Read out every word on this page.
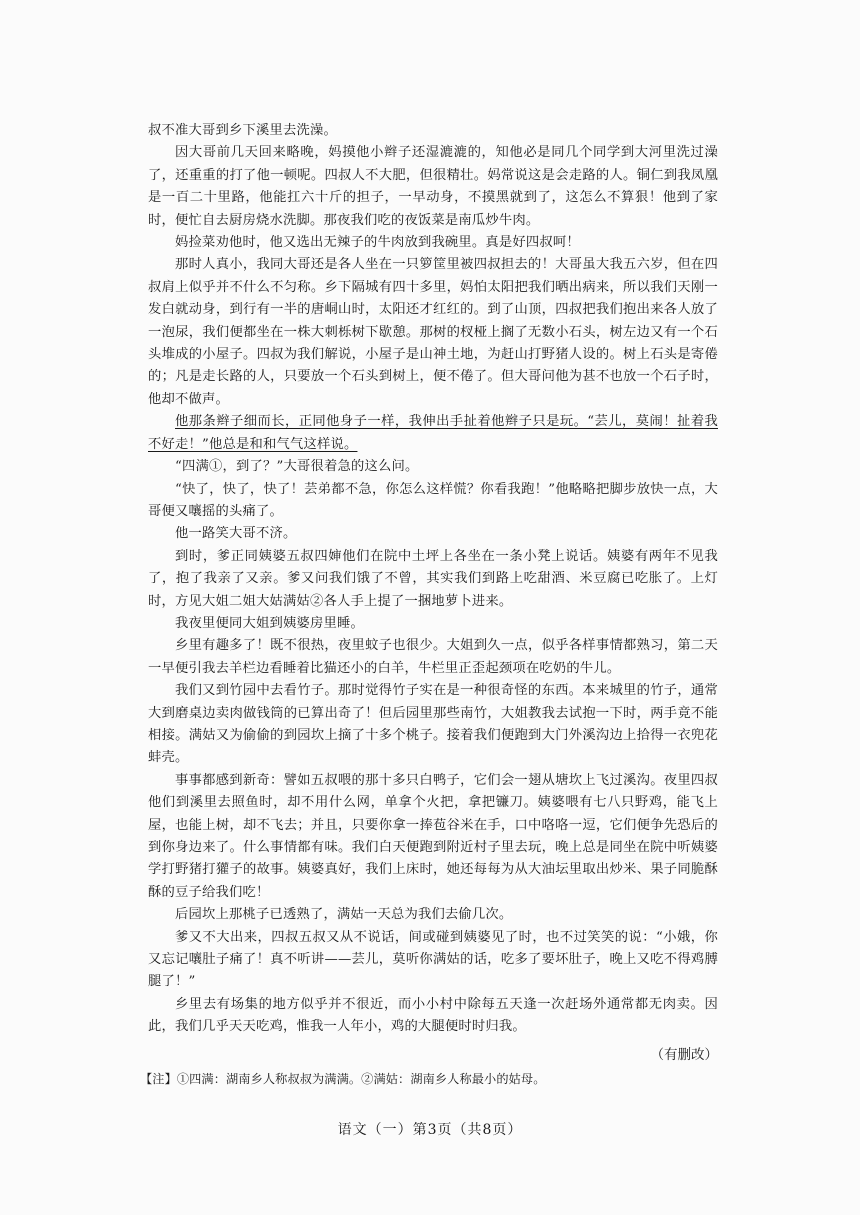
叔不准大哥到乡下溪里去洗澡。

因大哥前几天回来略晚，妈摸他小辫子还湿漉漉的，知他必是同几个同学到大河里洗过澡了，还重重的打了他一顿呢。四叔人不大肥，但很精壮。妈常说这是会走路的人。铜仁到我凤凰是一百二十里路，他能扛六十斤的担子，一早动身，不摸黑就到了，这怎么不算狠！他到了家时，便忙自去厨房烧水洗脚。那夜我们吃的夜饭菜是南瓜炒牛肉。

妈捡菜劝他时，他又选出无辣子的牛肉放到我碗里。真是好四叔呵！

那时人真小，我同大哥还是各人坐在一只箩筐里被四叔担去的！大哥虽大我五六岁，但在四叔肩上似乎并不什么不匀称。乡下隔城有四十多里，妈怕太阳把我们晒出病来，所以我们天刚一发白就动身，到行有一半的唐峒山时，太阳还才红红的。到了山顶，四叔把我们抱出来各人放了一泡尿，我们便都坐在一株大刺栎树下歇憩。那树的杈桠上搁了无数小石头，树左边又有一个石头堆成的小屋子。四叔为我们解说，小屋子是山神土地，为赶山打野猪人设的。树上石头是寄倦的；凡是走长路的人，只要放一个石头到树上，便不倦了。但大哥问他为甚不也放一个石子时，他却不做声。

他那条辫子细而长，正同他身子一样，我伸出手扯着他辫子只是玩。“芸儿，莫闹！扯着我不好走！”他总是和和气气这样说。

“四满①，到了？”大哥很着急的这么问。

“快了，快了，快了！芸弟都不急，你怎么这样慌？你看我跑！”他略略把脚步放快一点，大哥便又嚷摇的头痛了。

他一路笑大哥不济。

到时，爹正同姨婆五叔四婶他们在院中土坪上各坐在一条小凳上说话。姨婆有两年不见我了，抱了我亲了又亲。爹又问我们饿了不曾，其实我们到路上吃甜酒、米豆腐已吃胀了。上灯时，方见大姐二姐大姑满姑②各人手上提了一捆地萝卜进来。

我夜里便同大姐到姨婆房里睡。

乡里有趣多了！既不很热，夜里蚊子也很少。大姐到久一点，似乎各样事情都熟习，第二天一早便引我去羊栏边看睡着比猫还小的白羊，牛栏里正歪起颈项在吃奶的牛儿。

我们又到竹园中去看竹子。那时觉得竹子实在是一种很奇怪的东西。本来城里的竹子，通常大到磨桌边卖肉做钱筒的已算出奇了！但后园里那些南竹，大姐教我去试抱一下时，两手竟不能相接。满姑又为偷偷的到园坎上摘了十多个桃子。接着我们便跑到大门外溪沟边上拾得一衣兜花蚌壳。

事事都感到新奇：譬如五叔喂的那十多只白鸭子，它们会一翅从塘坎上飞过溪沟。夜里四叔他们到溪里去照鱼时，却不用什么网，单拿个火把，拿把镰刀。姨婆喂有七八只野鸡，能飞上屋，也能上树，却不飞去；并且，只要你拿一捧苞谷米在手，口中咯咯一逗，它们便争先恐后的到你身边来了。什么事情都有味。我们白天便跑到附近村子里去玩，晚上总是同坐在院中听姨婆学打野猪打獾子的故事。姨婆真好，我们上床时，她还每每为从大油坛里取出炒米、果子同脆酥酥的豆子给我们吃！

后园坎上那桃子已透熟了，满姑一天总为我们去偷几次。

爹又不大出来，四叔五叔又从不说话，间或碰到姨婆见了时，也不过笑笑的说：“小娥，你又忘记嚷肚子痛了！真不听讲——芸儿，莫听你满姑的话，吃多了要坏肚子，晚上又吃不得鸡膊腿了！”

乡里去有场集的地方似乎并不很近，而小小村中除每五天逢一次赶场外通常都无肉卖。因此，我们几乎天天吃鸡，惟我一人年小，鸡的大腿便时时归我。

（有删改）

【注】①四满：湖南乡人称叔叔为满满。②满姑：湖南乡人称最小的姑母。

语文（一）第3页（共8页）
